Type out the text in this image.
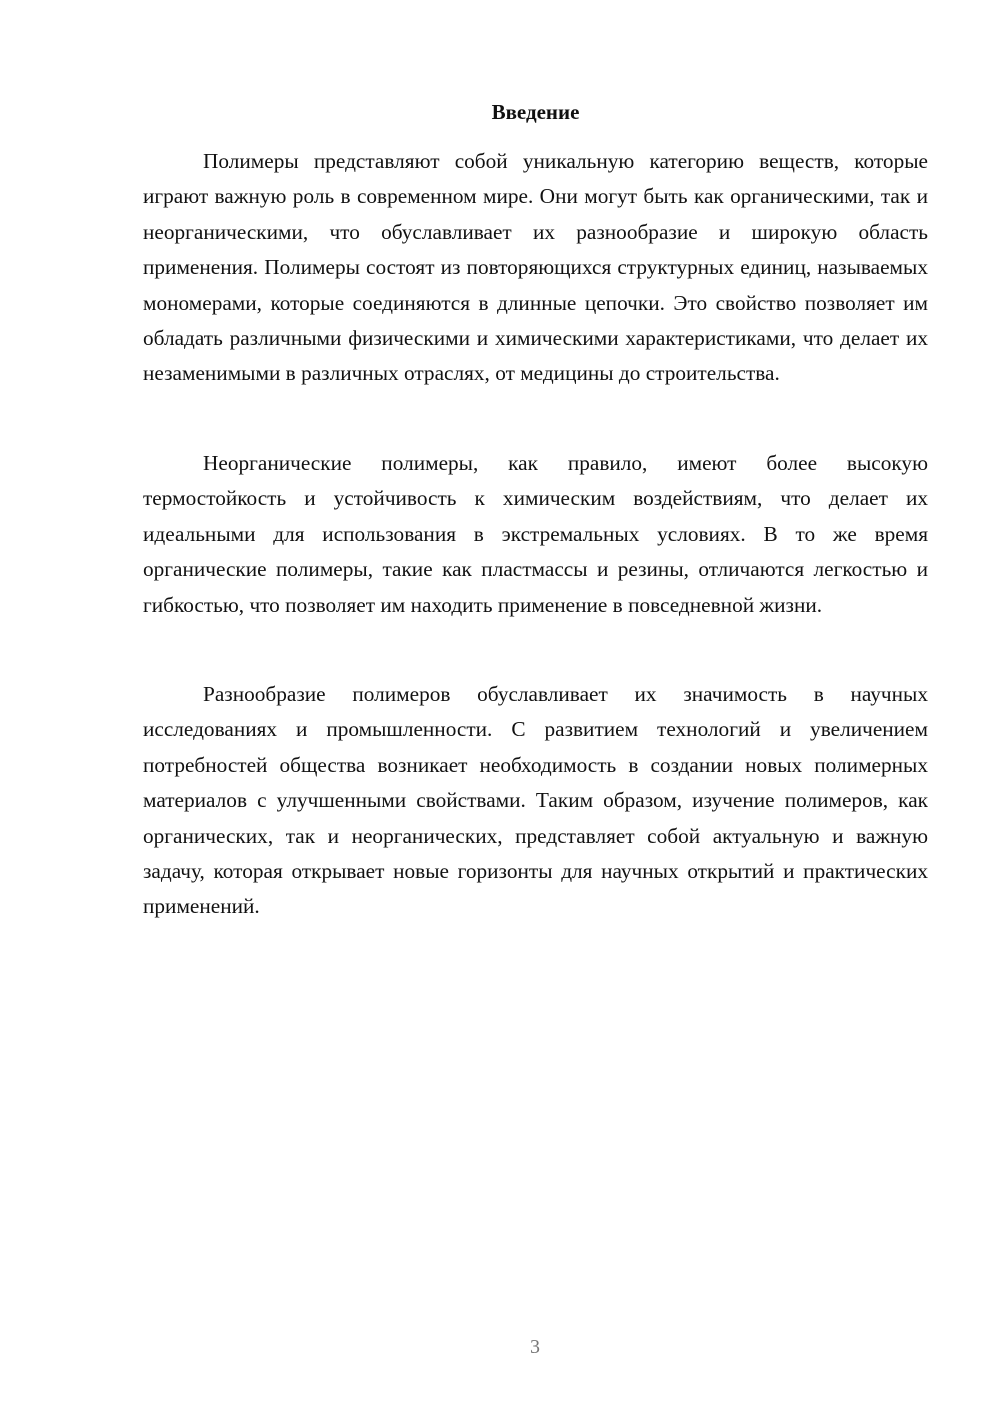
Введение

Полимеры представляют собой уникальную категорию веществ, которые играют важную роль в современном мире. Они могут быть как органическими, так и неорганическими, что обуславливает их разнообразие и широкую область применения. Полимеры состоят из повторяющихся структурных единиц, называемых мономерами, которые соединяются в длинные цепочки. Это свойство позволяет им обладать различными физическими и химическими характеристиками, что делает их незаменимыми в различных отраслях, от медицины до строительства.

Неорганические полимеры, как правило, имеют более высокую термостойкость и устойчивость к химическим воздействиям, что делает их идеальными для использования в экстремальных условиях. В то же время органические полимеры, такие как пластмассы и резины, отличаются легкостью и гибкостью, что позволяет им находить применение в повседневной жизни.

Разнообразие полимеров обуславливает их значимость в научных исследованиях и промышленности. С развитием технологий и увеличением потребностей общества возникает необходимость в создании новых полимерных материалов с улучшенными свойствами. Таким образом, изучение полимеров, как органических, так и неорганических, представляет собой актуальную и важную задачу, которая открывает новые горизонты для научных открытий и практических применений.

3
